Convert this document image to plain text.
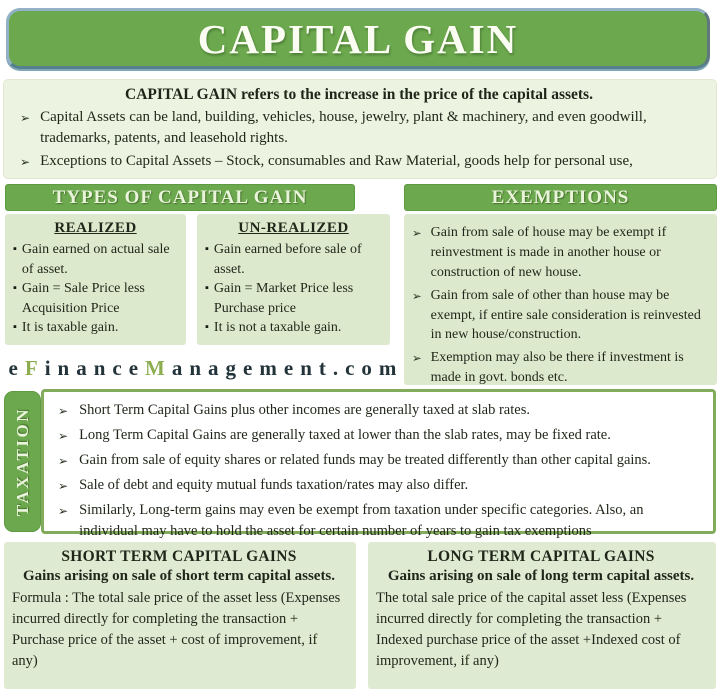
CAPITAL GAIN
CAPITAL GAIN refers to the increase in the price of the capital assets.
➢ Capital Assets can be land, building, vehicles, house, jewelry, plant & machinery, and even goodwill, trademarks, patents, and leasehold rights.
➢ Exceptions to Capital Assets – Stock, consumables and Raw Material, goods help for personal use,
TYPES OF CAPITAL GAIN	EXEMPTIONS
REALIZED
▪ Gain earned on actual sale of asset.
▪ Gain = Sale Price less Acquisition Price
▪ It is taxable gain.
UN-REALIZED
▪ Gain earned before sale of asset.
▪ Gain = Market Price less Purchase price
▪ It is not a taxable gain.
➢ Gain from sale of house may be exempt if reinvestment is made in another house or construction of new house.
➢ Gain from sale of other than house may be exempt, if entire sale consideration is reinvested in new house/construction.
➢ Exemption may also be there if investment is made in govt. bonds etc.
e F inance M anagement.com
TAXATION ➢ Short Term Capital Gains plus other incomes are generally taxed at slab rates.
➢ Long Term Capital Gains are generally taxed at lower than the slab rates, may be fixed rate.
➢ Gain from sale of equity shares or related funds may be treated differently than other capital gains.
➢ Sale of debt and equity mutual funds taxation/rates may also differ.
➢ Similarly, Long-term gains may even be exempt from taxation under specific categories. Also, an individual may have to hold the asset for certain number of years to gain tax exemptions
SHORT TERM CAPITAL GAINS
Gains arising on sale of short term capital assets.
Formula : The total sale price of the asset less (Expenses incurred directly for completing the transaction + Purchase price of the asset + cost of improvement, if any)
LONG TERM CAPITAL GAINS
Gains arising on sale of long term capital assets.
The total sale price of the capital asset less (Expenses incurred directly for completing the transaction + Indexed purchase price of the asset +Indexed cost of improvement, if any)
